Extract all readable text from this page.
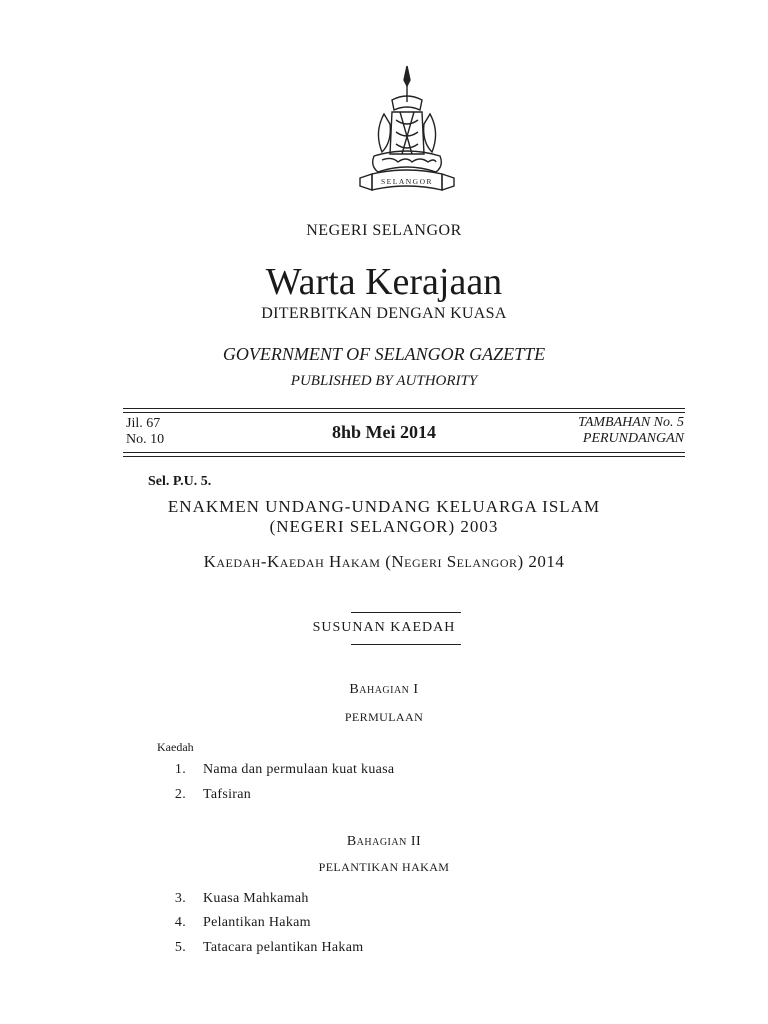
SELANGOR
NEGERI SELANGOR
Warta Kerajaan
DITERBITKAN DENGAN KUASA
GOVERNMENT OF SELANGOR GAZETTE
PUBLISHED BY AUTHORITY
Jil. 67
No. 10	8hb Mei 2014	TAMBAHAN No. 5
PERUNDANGAN
Sel. P.U. 5.
ENAKMEN UNDANG-UNDANG KELUARGA ISLAM
(NEGERI SELANGOR) 2003
Kaedah-Kaedah Hakam (Negeri Selangor) 2014
SUSUNAN KAEDAH
Bahagian I
PERMULAAN
Kaedah
1. Nama dan permulaan kuat kuasa
2. Tafsiran
Bahagian II
PELANTIKAN HAKAM
3. Kuasa Mahkamah
4. Pelantikan Hakam
5. Tatacara pelantikan Hakam
